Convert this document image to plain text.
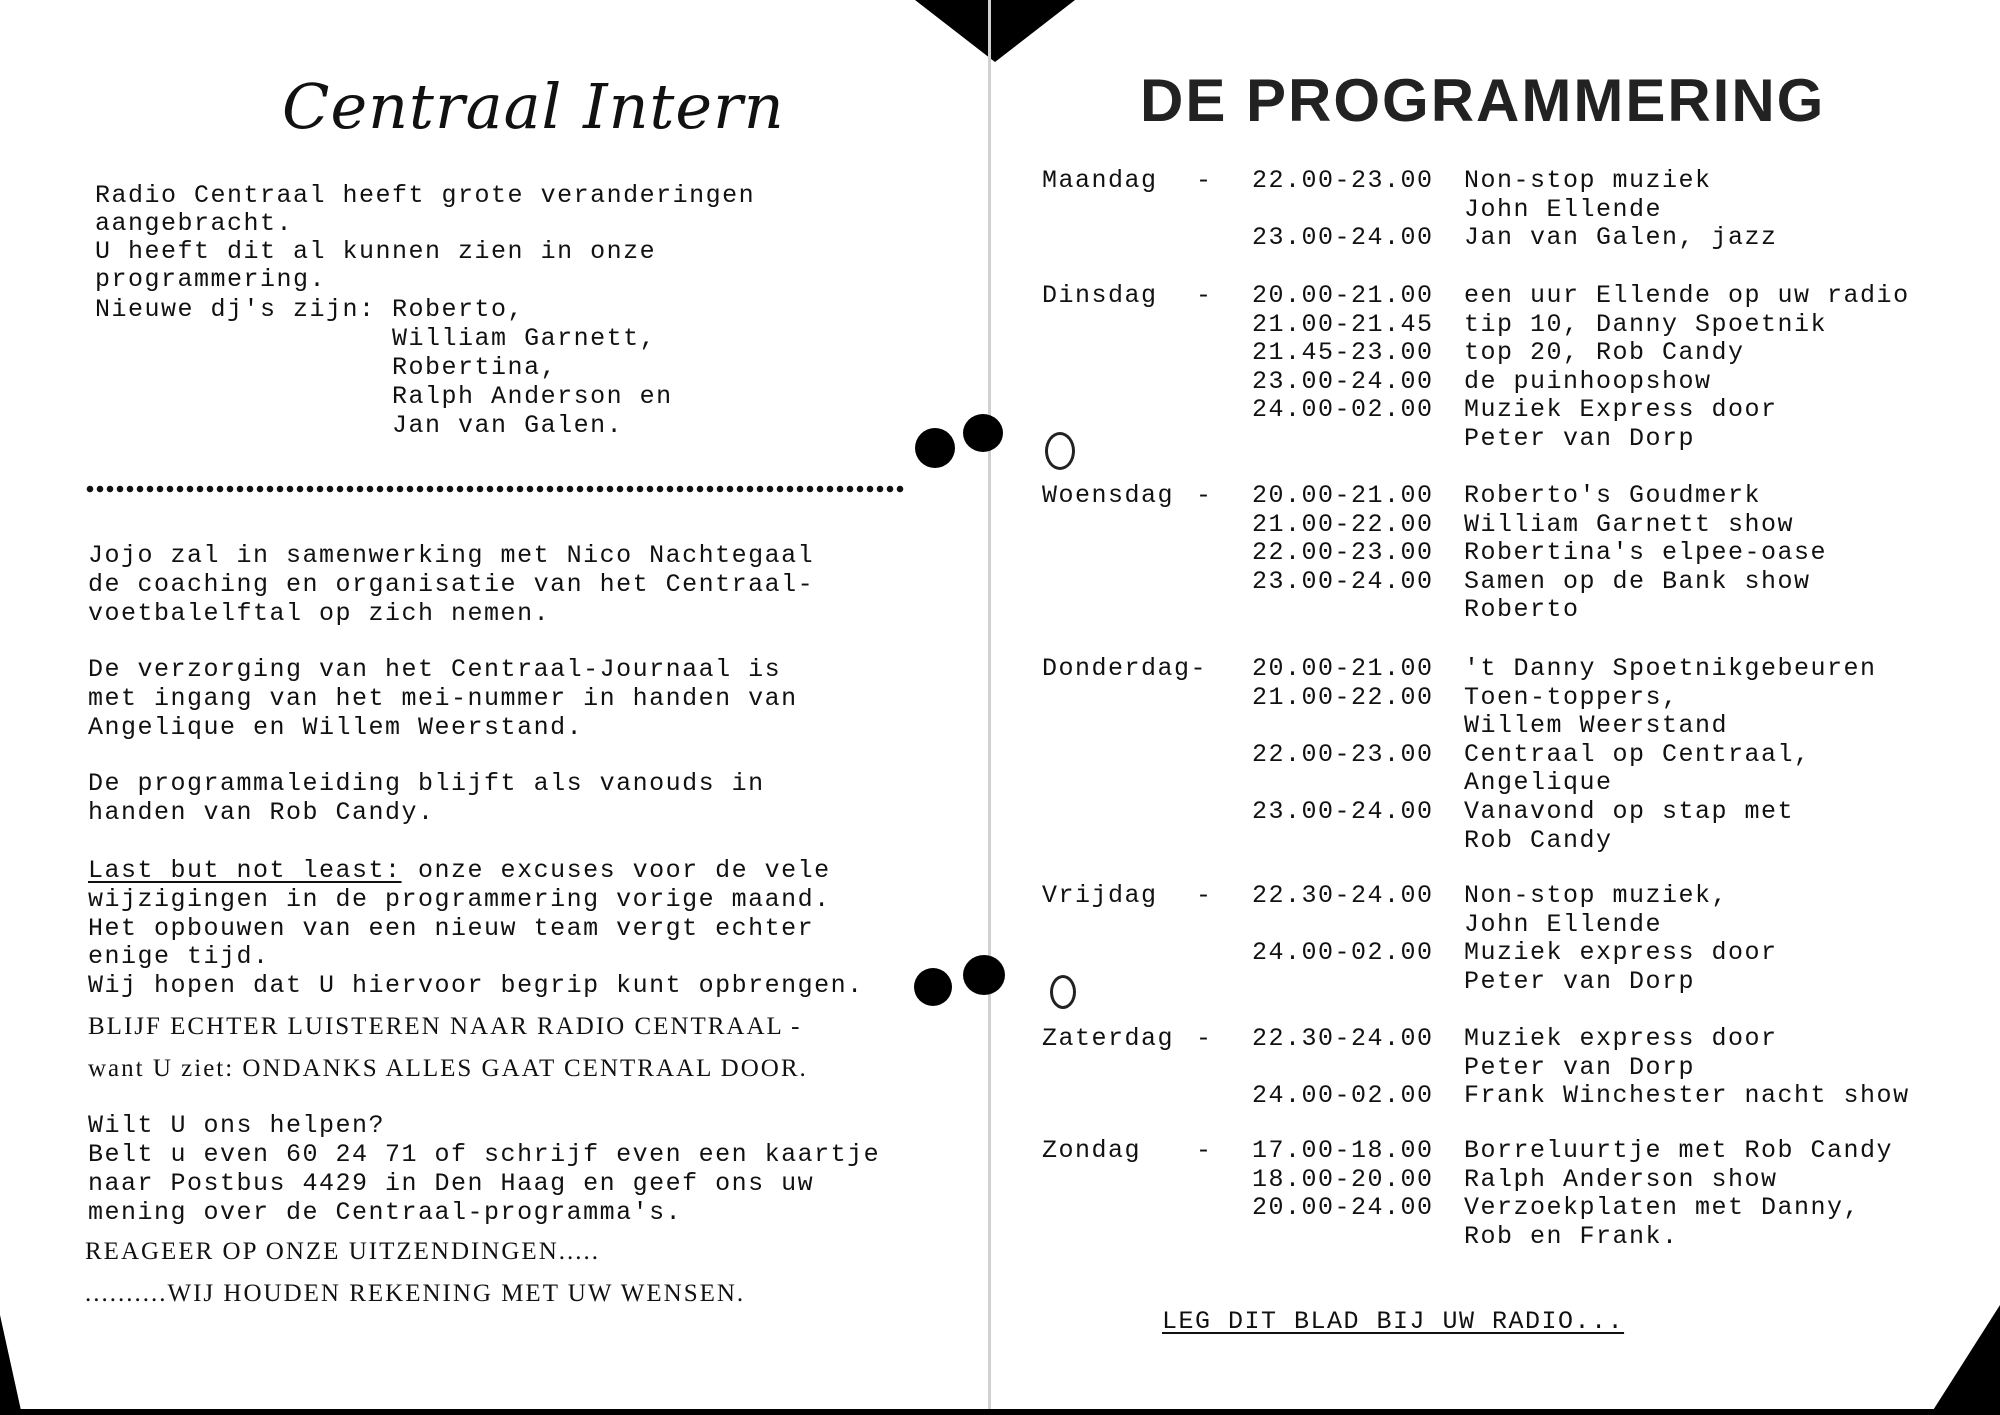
Centraal Intern
Radio Centraal heeft grote veranderingen
aangebracht.
U heeft dit al kunnen zien in onze
programmering.
Nieuwe dj's zijn: Roberto,
William Garnett,
Robertina,
Ralph Anderson en
Jan van Galen.
Jojo zal in samenwerking met Nico Nachtegaal
de coaching en organisatie van het Centraal-
voetbalelftal op zich nemen.
De verzorging van het Centraal-Journaal is
met ingang van het mei-nummer in handen van
Angelique en Willem Weerstand.
De programmaleiding blijft als vanouds in
handen van Rob Candy.
Last but not least: onze excuses voor de vele
wijzigingen in de programmering vorige maand.
Het opbouwen van een nieuw team vergt echter
enige tijd.
Wij hopen dat U hiervoor begrip kunt opbrengen.
BLIJF ECHTER LUISTEREN NAAR RADIO CENTRAAL -
want U ziet: ONDANKS ALLES GAAT CENTRAAL DOOR.
Wilt U ons helpen?
Belt u even 60 24 71 of schrijf even een kaartje
naar Postbus 4429 in Den Haag en geef ons uw
mening over de Centraal-programma's.
REAGEER OP ONZE UITZENDINGEN.....
..........WIJ HOUDEN REKENING MET UW WENSEN.
DE PROGRAMMERING
Maandag - 22.00-23.00 Non-stop muziek
John Ellende
23.00-24.00 Jan van Galen, jazz
Dinsdag - 20.00-21.00 een uur Ellende op uw radio
21.00-21.45 tip 10, Danny Spoetnik
21.45-23.00 top 20, Rob Candy
23.00-24.00 de puinhoopshow
24.00-02.00 Muziek Express door
Peter van Dorp
Woensdag - 20.00-21.00 Roberto's Goudmerk
21.00-22.00 William Garnett show
22.00-23.00 Robertina's elpee-oase
23.00-24.00 Samen op de Bank show
Roberto
Donderdag- 20.00-21.00 't Danny Spoetnikgebeuren
21.00-22.00 Toen-toppers,
Willem Weerstand
22.00-23.00 Centraal op Centraal,
Angelique
23.00-24.00 Vanavond op stap met
Rob Candy
Vrijdag - 22.30-24.00 Non-stop muziek,
John Ellende
24.00-02.00 Muziek express door
Peter van Dorp
Zaterdag - 22.30-24.00 Muziek express door
Peter van Dorp
24.00-02.00 Frank Winchester nacht show
Zondag - 17.00-18.00 Borreluurtje met Rob Candy
18.00-20.00 Ralph Anderson show
20.00-24.00 Verzoekplaten met Danny,
Rob en Frank.
LEG DIT BLAD BIJ UW RADIO...
